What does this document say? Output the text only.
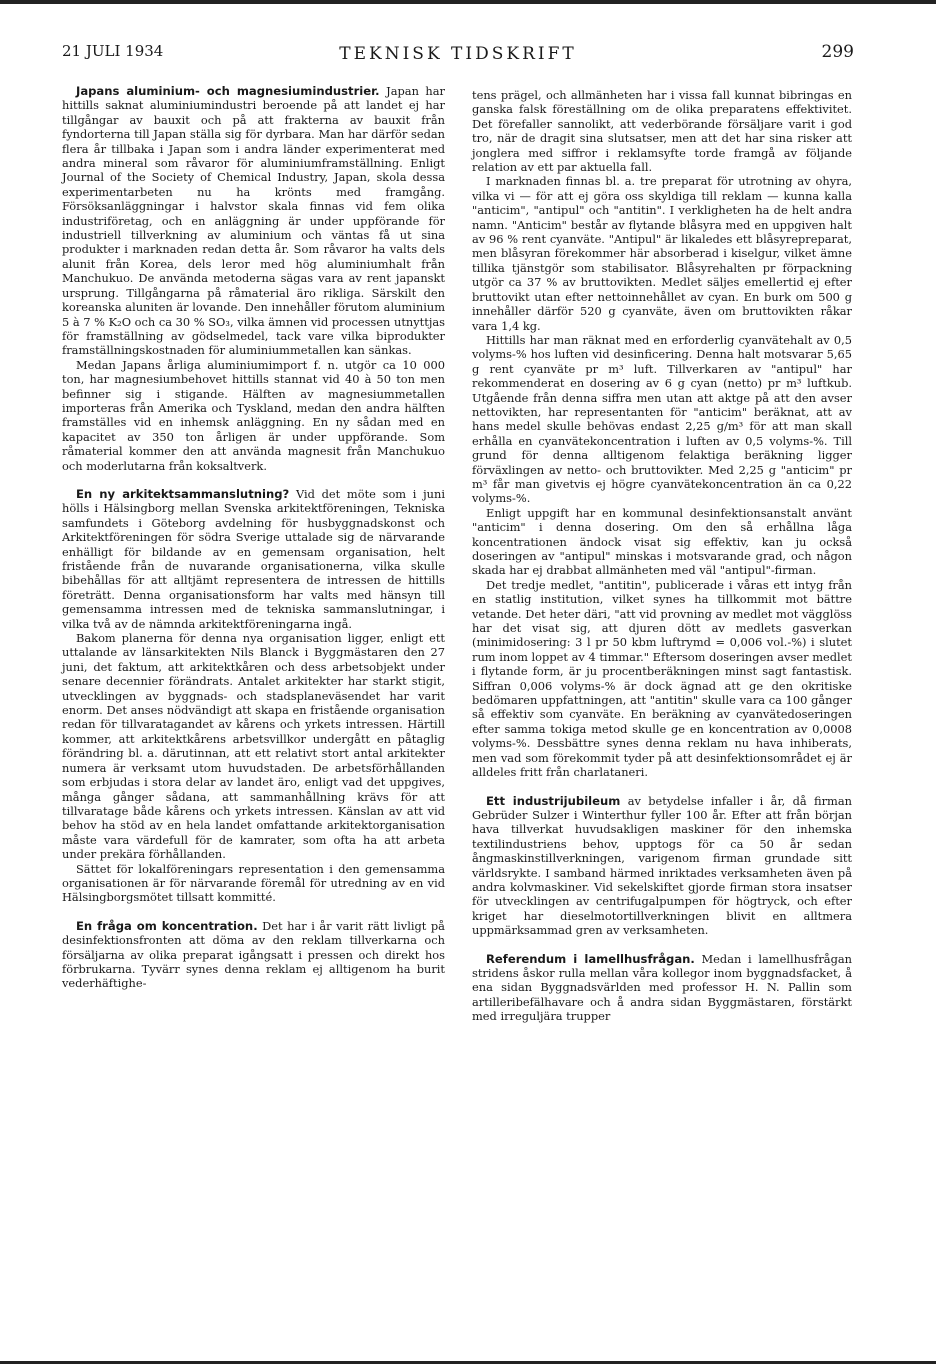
21 JULI 1934	TEKNISK TIDSKRIFT	299

Japans aluminium- och magnesiumindustrier. Japan har hittills saknat aluminiumindustri beroende på att landet ej har tillgångar av bauxit och på att frakterna av bauxit från fyndorterna till Japan ställa sig för dyrbara. Man har därför sedan flera år tillbaka i Japan som i andra länder experimenterat med andra mineral som råvaror för aluminiumframställning. Enligt Journal of the Society of Chemical Industry, Japan, skola dessa experimentarbeten nu ha krönts med framgång. Försöksanläggningar i halvstor skala finnas vid fem olika industriföretag, och en anläggning är under uppförande för industriell tillverkning av aluminium och väntas få ut sina produkter i marknaden redan detta år. Som råvaror ha valts dels alunit från Korea, dels leror med hög aluminiumhalt från Manchukuo. De använda metoderna sägas vara av rent japanskt ursprung. Tillgångarna på råmaterial äro rikliga. Särskilt den koreanska aluniten är lovande. Den innehåller förutom aluminium 5 à 7 % K₂O och ca 30 % SO₃, vilka ämnen vid processen utnyttjas för framställning av gödselmedel, tack vare vilka biprodukter framställningskostnaden för aluminiummetallen kan sänkas.

Medan Japans årliga aluminiumimport f. n. utgör ca 10 000 ton, har magnesiumbehovet hittills stannat vid 40 à 50 ton men befinner sig i stigande. Hälften av magnesiummetallen importeras från Amerika och Tyskland, medan den andra hälften framställes vid en inhemsk anläggning. En ny sådan med en kapacitet av 350 ton årligen är under uppförande. Som råmaterial kommer den att använda magnesit från Manchukuo och moderlutarna från koksaltverk.

En ny arkitektsammanslutning? Vid det möte som i juni hölls i Hälsingborg mellan Svenska arkitektföreningen, Tekniska samfundets i Göteborg avdelning för husbyggnadskonst och Arkitektföreningen för södra Sverige uttalade sig de närvarande enhälligt för bildande av en gemensam organisation, helt fristående från de nuvarande organisationerna, vilka skulle bibehållas för att alltjämt representera de intressen de hittills företrätt. Denna organisationsform har valts med hänsyn till gemensamma intressen med de tekniska sammanslutningar, i vilka två av de nämnda arkitektföreningarna ingå.

Bakom planerna för denna nya organisation ligger, enligt ett uttalande av länsarkitekten Nils Blanck i Byggmästaren den 27 juni, det faktum, att arkitektkåren och dess arbetsobjekt under senare decennier förändrats. Antalet arkitekter har starkt stigit, utvecklingen av byggnads- och stadsplaneväsendet har varit enorm. Det anses nödvändigt att skapa en fristående organisation redan för tillvaratagandet av kårens och yrkets intressen. Härtill kommer, att arkitektkårens arbetsvillkor undergått en påtaglig förändring bl. a. därutinnan, att ett relativt stort antal arkitekter numera är verksamt utom huvudstaden. De arbetsförhållanden som erbjudas i stora delar av landet äro, enligt vad det uppgives, många gånger sådana, att sammanhållning krävs för att tillvaratage både kårens och yrkets intressen. Känslan av att vid behov ha stöd av en hela landet omfattande arkitektorganisation måste vara värdefull för de kamrater, som ofta ha att arbeta under prekära förhållanden.

Sättet för lokalföreningars representation i den gemensamma organisationen är för närvarande föremål för utredning av en vid Hälsingborgsmötet tillsatt kommitté.

En fråga om koncentration. Det har i år varit rätt livligt på desinfektionsfronten att döma av den reklam tillverkarna och försäljarna av olika preparat igångsatt i pressen och direkt hos förbrukarna. Tyvärr synes denna reklam ej alltigenom ha burit vederhäftighe-

tens prägel, och allmänheten har i vissa fall kunnat bibringas en ganska falsk föreställning om de olika preparatens effektivitet. Det förefaller sannolikt, att vederbörande försäljare varit i god tro, när de dragit sina slutsatser, men att det har sina risker att jonglera med siffror i reklamsyfte torde framgå av följande relation av ett par aktuella fall.

I marknaden finnas bl. a. tre preparat för utrotning av ohyra, vilka vi — för att ej göra oss skyldiga till reklam — kunna kalla "anticim", "antipul" och "antitin". I verkligheten ha de helt andra namn. "Anticim" består av flytande blåsyra med en uppgiven halt av 96 % rent cyanväte. "Antipul" är likaledes ett blåsyrepreparat, men blåsyran förekommer här absorberad i kiselgur, vilket ämne tillika tjänstgör som stabilisator. Blåsyrehalten pr förpackning utgör ca 37 % av bruttovikten. Medlet säljes emellertid ej efter bruttovikt utan efter nettoinnehållet av cyan. En burk om 500 g innehåller därför 520 g cyanväte, även om bruttovikten råkar vara 1,4 kg.

Hittills har man räknat med en erforderlig cyanvätehalt av 0,5 volyms-% hos luften vid desinficering. Denna halt motsvarar 5,65 g rent cyanväte pr m³ luft. Tillverkaren av "antipul" har rekommenderat en dosering av 6 g cyan (netto) pr m³ luftkub. Utgående från denna siffra men utan att aktge på att den avser nettovikten, har representanten för "anticim" beräknat, att av hans medel skulle behövas endast 2,25 g/m³ för att man skall erhålla en cyanvätekoncentration i luften av 0,5 volyms-%. Till grund för denna alltigenom felaktiga beräkning ligger förväxlingen av netto- och bruttovikter. Med 2,25 g "anticim" pr m³ får man givetvis ej högre cyanvätekoncentration än ca 0,22 volyms-%.

Enligt uppgift har en kommunal desinfektionsanstalt använt "anticim" i denna dosering. Om den så erhållna låga koncentrationen ändock visat sig effektiv, kan ju också doseringen av "antipul" minskas i motsvarande grad, och någon skada har ej drabbat allmänheten med väl "antipul"-firman.

Det tredje medlet, "antitin", publicerade i våras ett intyg från en statlig institution, vilket synes ha tillkommit mot bättre vetande. Det heter däri, "att vid provning av medlet mot vägglöss har det visat sig, att djuren dött av medlets gasverkan (minimidosering: 3 l pr 50 kbm luftrymd = 0,006 vol.-%) i slutet rum inom loppet av 4 timmar." Eftersom doseringen avser medlet i flytande form, är ju procentberäkningen minst sagt fantastisk. Siffran 0,006 volyms-% är dock ägnad att ge den okritiske bedömaren uppfattningen, att "antitin" skulle vara ca 100 gånger så effektiv som cyanväte. En beräkning av cyanvätedoseringen efter samma tokiga metod skulle ge en koncentration av 0,0008 volyms-%. Dessbättre synes denna reklam nu hava inhiberats, men vad som förekommit tyder på att desinfektionsområdet ej är alldeles fritt från charlataneri.

Ett industrijubileum av betydelse infaller i år, då firman Gebrüder Sulzer i Winterthur fyller 100 år. Efter att från början hava tillverkat huvudsakligen maskiner för den inhemska textilindustriens behov, upptogs för ca 50 år sedan ångmaskinstillverkningen, varigenom firman grundade sitt världsrykte. I samband härmed inriktades verksamheten även på andra kolvmaskiner. Vid sekelskiftet gjorde firman stora insatser för utvecklingen av centrifugalpumpen för högtryck, och efter kriget har dieselmotortillverkningen blivit en alltmera uppmärksammad gren av verksamheten.

Referendum i lamellhusfrågan. Medan i lamellhusfrågan stridens åskor rulla mellan våra kollegor inom byggnadsfacket, å ena sidan Byggnadsvärlden med professor H. N. Pallin som artilleribefälhavare och å andra sidan Byggmästaren, förstärkt med irreguljära trupper
